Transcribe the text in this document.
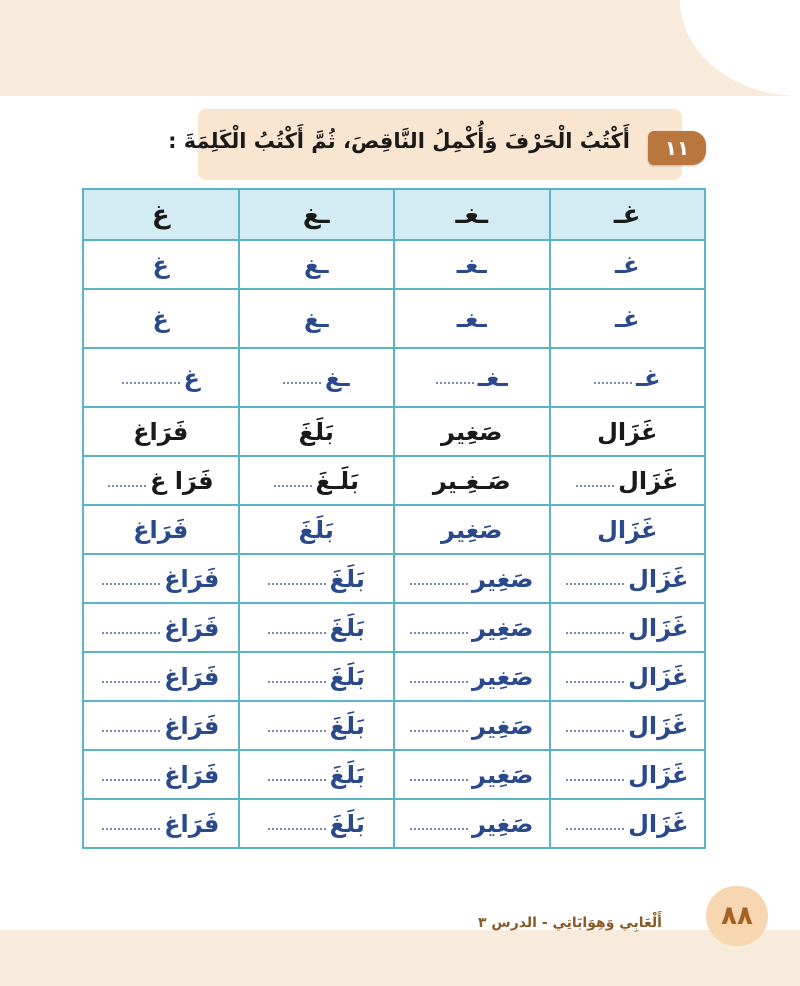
١١
أَكْتُبُ الْحَرْفَ وَأُكْمِلُ النَّاقِصَ، ثُمَّ أَكْتُبُ الْكَلِمَةَ :
غـ	ـغـ	ـغ	غ
غـ	ـغـ	ـغ	غ
غـ	ـغـ	ـغ	غ

غـ	ـغـ	ـغ	غ

غَزَال	صَغِير	بَلَغَ	فَرَاغ

غَزَال	صَـغِـير	بَلَـغَ	فَرَا غ

غَزَال	صَغِير	بَلَغَ	فَرَاغ

غَزَال	صَغِير	بَلَغَ	فَرَاغ

غَزَال	صَغِير	بَلَغَ	فَرَاغ

غَزَال	صَغِير	بَلَغَ	فَرَاغ

غَزَال	صَغِير	بَلَغَ	فَرَاغ

غَزَال	صَغِير	بَلَغَ	فَرَاغ

غَزَال	صَغِير	بَلَغَ	فَرَاغ
أَلْعَابِي وَهِوَايَاتِي - الدرس ٣	٨٨
